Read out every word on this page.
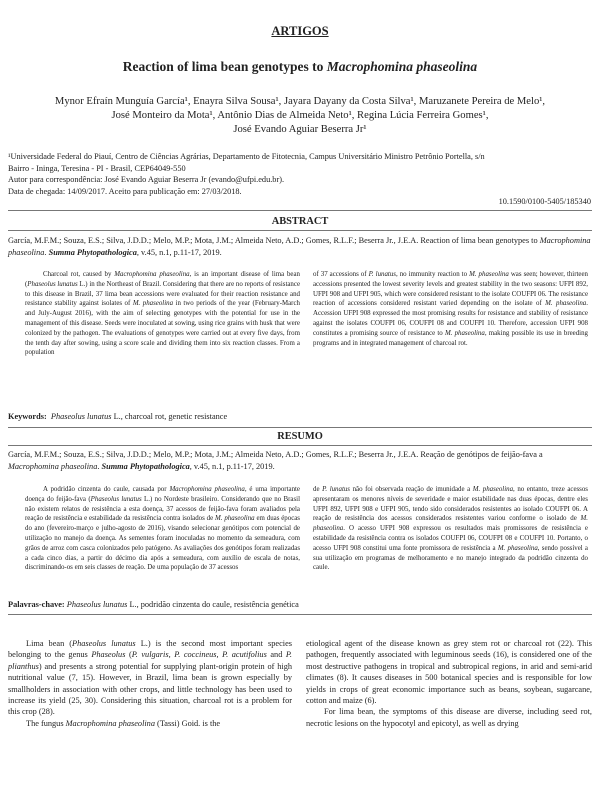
ARTIGOS
Reaction of lima bean genotypes to Macrophomina phaseolina
Mynor Efraín Munguía García¹, Enayra Silva Sousa¹, Jayara Dayany da Costa Silva¹, Maruzanete Pereira de Melo¹,
José Monteiro da Mota¹, Antônio Dias de Almeida Neto¹, Regina Lúcia Ferreira Gomes¹,
José Evando Aguiar Beserra Jr¹
¹Universidade Federal do Piauí, Centro de Ciências Agrárias, Departamento de Fitotecnia, Campus Universitário Ministro Petrônio Portella, s/n
Bairro - Ininga, Teresina - PI - Brasil, CEP64049-550
Autor para correspondência: José Evando Aguiar Beserra Jr (evando@ufpi.edu.br).
Data de chegada: 14/09/2017. Aceito para publicação em: 27/03/2018.
10.1590/0100-5405/185340
ABSTRACT
García, M.F.M.; Souza, E.S.; Silva, J.D.D.; Melo, M.P.; Mota, J.M.; Almeida Neto, A.D.; Gomes, R.L.F.; Beserra Jr., J.E.A. Reaction of lima bean genotypes to Macrophomina phaseolina. Summa Phytopathologica, v.45, n.1, p.11-17, 2019.

Charcoal rot, caused by Macrophomina phaseolina, is an important disease of lima bean (Phaseolus lunatus L.) in the Northeast of Brazil. Considering that there are no reports of resistance to this disease in Brazil, 37 lima bean accessions were evaluated for their reaction resistance and resistance stability against isolates of M. phaseolina in two periods of the year (February-March and July-August 2016), with the aim of selecting genotypes with the potential for use in the management of this disease. Seeds were inoculated at sowing, using rice grains with husk that were colonized by the pathogen. The evaluations of genotypes were carried out at every five days, from the tenth day after sowing, using a score scale and dividing them into six reaction classes. From a population

of 37 accessions of P. lunatus, no immunity reaction to M. phaseolina was seen; however, thirteen accessions presented the lowest severity levels and greatest stability in the two seasons: UFPI 892, UFPI 908 and UFPI 905, which were considered resistant to the isolate COUFPI 06. The resistance reaction of accessions considered resistant varied depending on the isolate of M. phaseolina. Accession UFPI 908 expressed the most promising results for resistance and stability of resistance against the isolates COUFPI 06, COUFPI 08 and COUFPI 10. Therefore, accession UFPI 908 constitutes a promising source of resistance to M. phaseolina, making possible its use in breeding programs and in integrated management of charcoal rot.

Keywords: Phaseolus lunatus L., charcoal rot, genetic resistance
RESUMO
García, M.F.M.; Souza, E.S.; Silva, J.D.D.; Melo, M.P.; Mota, J.M.; Almeida Neto, A.D.; Gomes, R.L.F.; Beserra Jr., J.E.A. Reação de genótipos de feijão-fava a Macrophomina phaseolina. Summa Phytopathologica, v.45, n.1, p.11-17, 2019.

A podridão cinzenta do caule, causada por Macrophomina phaseolina, é uma importante doença do feijão-fava (Phaseolus lunatus L.) no Nordeste brasileiro. Considerando que no Brasil não existem relatos de resistência a esta doença, 37 acessos de feijão-fava foram avaliados pela reação de resistência e estabilidade da resistência contra isolados de M. phaseolina em duas épocas do ano (fevereiro-março e julho-agosto de 2016), visando selecionar genótipos com potencial de utilização no manejo da doença. As sementes foram inoculadas no momento da semeadura, com grãos de arroz com casca colonizados pelo patógeno. As avaliações dos genótipos foram realizadas a cada cinco dias, a partir do décimo dia após a semeadura, com auxílio de escala de notas, discriminando-os em seis classes de reação. De uma população de 37 acessos

de P. lunatus não foi observada reação de imunidade a M. phaseolina, no entanto, treze acessos apresentaram os menores níveis de severidade e maior estabilidade nas duas épocas, dentre eles UFPI 892, UFPI 908 e UFPI 905, tendo sido considerados resistentes ao isolado COUFPI 06. A reação de resistência dos acessos considerados resistentes variou conforme o isolado de M. phaseolina. O acesso UFPI 908 expressou os resultados mais promissores de resistência e estabilidade da resistência contra os isolados COUFPI 06, COUFPI 08 e COUFPI 10. Portanto, o acesso UFPI 908 constitui uma fonte promissora de resistência a M. phaseolina, sendo possível a sua utilização em programas de melhoramento e no manejo integrado da podridão cinzenta do caule.

Palavras-chave: Phaseolus lunatus L., podridão cinzenta do caule, resistência genética

Lima bean (Phaseolus lunatus L.) is the second most important species belonging to the genus Phaseolus (P. vulgaris, P. coccineus, P. acutifolius and P. plianthus) and presents a strong potential for supplying plant-origin protein of high nutritional value (7, 15). However, in Brazil, lima bean is grown especially by smallholders in association with other crops, and little technology has been used to increase its yield (25, 30). Considering this situation, charcoal rot is a problem for this crop (28).

The fungus Macrophomina phaseolina (Tassi) Goid. is the

etiological agent of the disease known as grey stem rot or charcoal rot (22). This pathogen, frequently associated with leguminous seeds (16), is considered one of the most destructive pathogens in tropical and subtropical regions, in arid and semi-arid climates (8). It causes diseases in 500 botanical species and is responsible for low yields in crops of great economic importance such as beans, soybean, sugarcane, cotton and maize (6).

For lima bean, the symptoms of this disease are diverse, including seed rot, necrotic lesions on the hypocotyl and epicotyl, as well as drying
